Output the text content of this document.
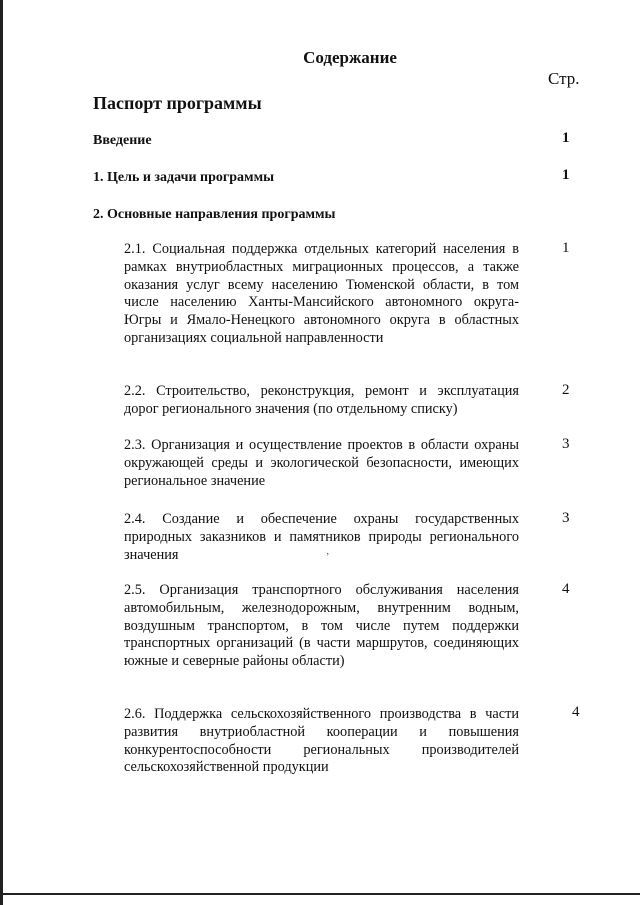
Содержание
Стр.
Паспорт программы
Введение	1
1. Цель и задачи программы	1
2. Основные направления программы

2.1. Социальная поддержка отдельных категорий населения в рамках внутриобластных миграционных процессов, а также оказания услуг всему населению Тюменской области, в том числе населению Ханты-Мансийского автономного округа-Югры и Ямало-Ненецкого автономного округа в областных организациях социальной направленности

1

2.2. Строительство, реконструкция, ремонт и эксплуатация дорог регионального значения (по отдельному списку)

2

2.3. Организация и осуществление проектов в области охраны окружающей среды и экологической безопасности, имеющих региональное значение

3

2.4. Создание и обеспечение охраны государственных природных заказников и памятников природы регионального значения

3

2.5. Организация транспортного обслуживания населения автомобильным, железнодорожным, внутренним водным, воздушным транспортом, в том числе путем поддержки транспортных организаций (в части маршрутов, соединяющих южные и северные районы области)

4

2.6. Поддержка сельскохозяйственного производства в части развития внутриобластной кооперации и повышения конкурентоспособности региональных производителей сельскохозяйственной продукции

4
ʼ
